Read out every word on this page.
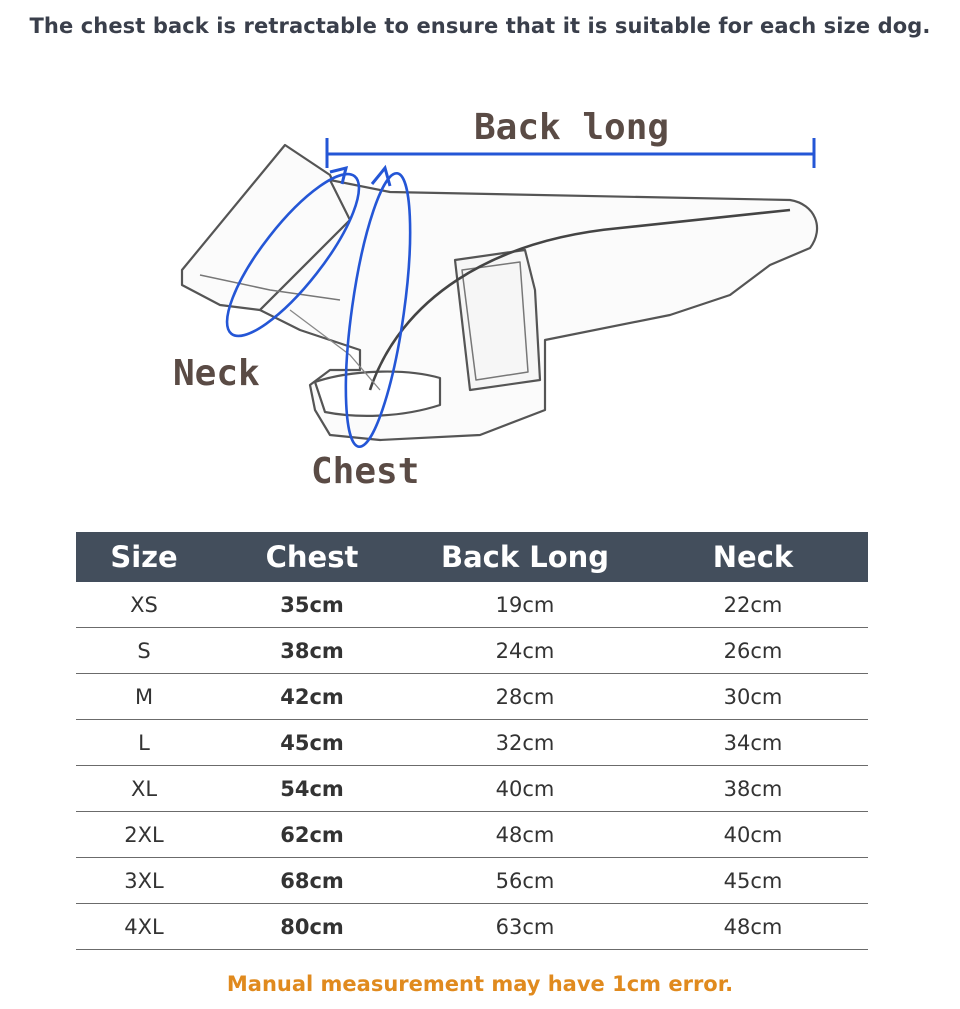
The chest back is retractable to ensure that it is suitable for each size dog.
Back long
Neck
Chest
Size	Chest	Back Long	Neck
XS	35cm	19cm	22cm
S	38cm	24cm	26cm
M	42cm	28cm	30cm
L	45cm	32cm	34cm
XL	54cm	40cm	38cm
2XL	62cm	48cm	40cm
3XL	68cm	56cm	45cm
4XL	80cm	63cm	48cm
Manual measurement may have 1cm error.
